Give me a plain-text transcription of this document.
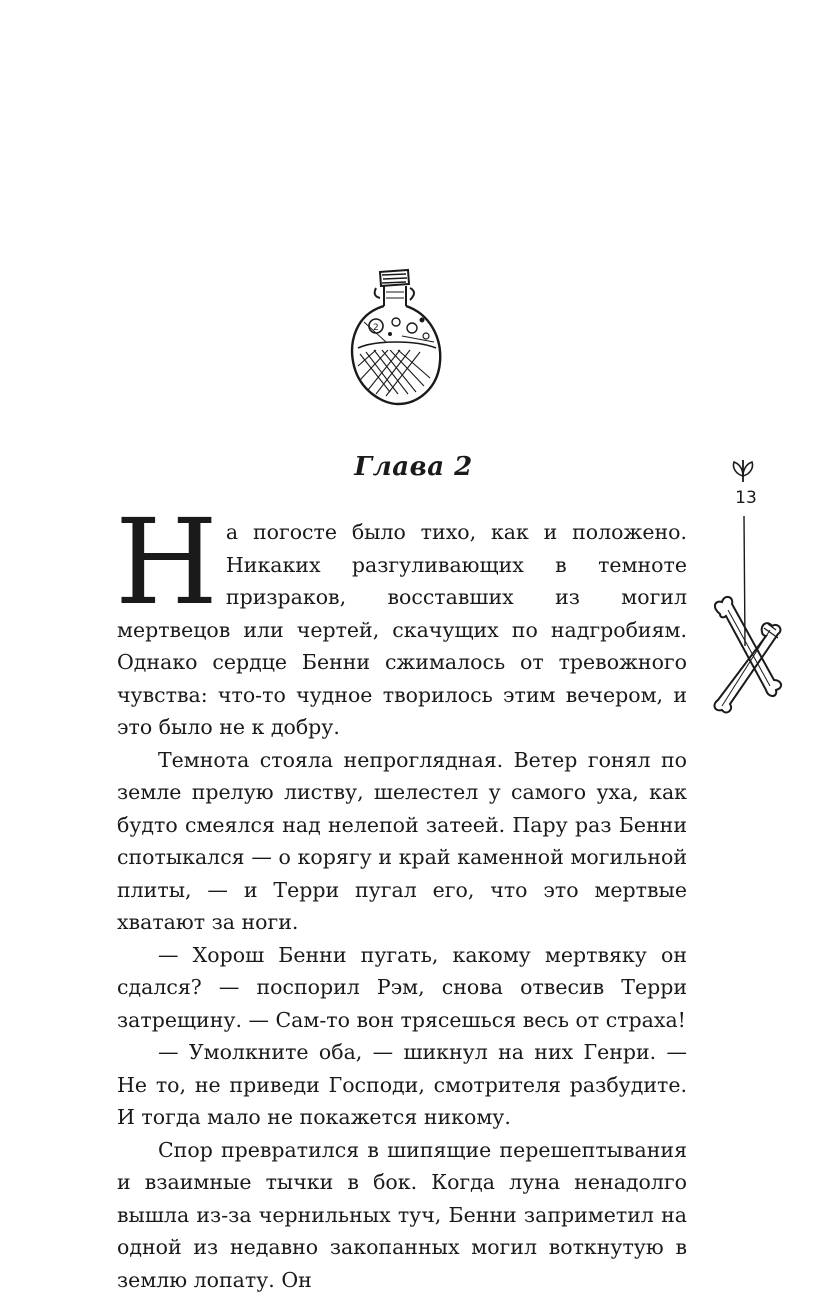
2
Глава 2
13

На погосте было тихо, как и положено. Никаких разгуливающих в темноте призраков, восставших из могил мертвецов или чертей, скачущих по надгробиям. Однако сердце Бенни сжималось от тревожного чувства: что-то чудное творилось этим вечером, и это было не к добру.

Темнота стояла непроглядная. Ветер гонял по земле прелую листву, шелестел у самого уха, как будто смеялся над нелепой затеей. Пару раз Бенни спотыкался — о корягу и край каменной могильной плиты, — и Терри пугал его, что это мертвые хватают за ноги.

— Хорош Бенни пугать, какому мертвяку он сдался? — поспорил Рэм, снова отвесив Терри затрещину. — Сам-то вон трясешься весь от страха!

— Умолкните оба, — шикнул на них Генри. — Не то, не приведи Господи, смотрителя разбудите. И тогда мало не покажется никому.

Спор превратился в шипящие перешептывания и взаимные тычки в бок. Когда луна ненадолго вышла из-за чернильных туч, Бенни заприметил на одной из недавно закопанных могил воткнутую в землю лопату. Он
